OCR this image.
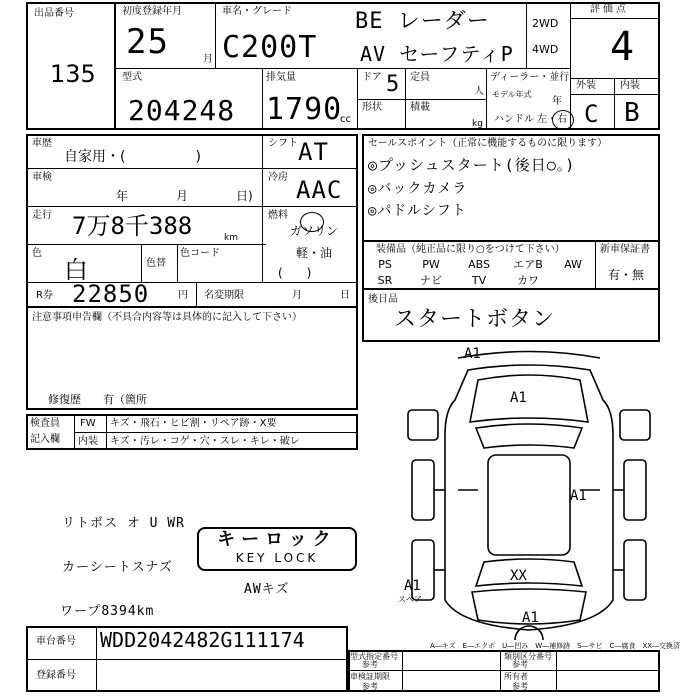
出品番号
135
初度登録年月
25	月
車名・グレード
C200T
BE レーダー
AV セーフティP
2WD
4WD
評価点
4
型式
204248
排気量
1790
cc
ドア 5 定員
人
形状	積載
kg
ディーラー・並行
モデル年式
年
ハンドル 左・右
外装 内装
C B
車歴
自家用・(　　　　　)
シフト AT
車検
年	月	日)
冷房 AAC
走行 7万8千388	km
燃料
ガソリン
軽・油
(　　)
色
白	色替
色コード
R券 22850	円 名変期限	月	日
注意事項申告欄（不具合内容等は具体的に記入して下さい）
修復歴　　有（箇所
セールスポイント（正常に機能するものに限ります）
◎プッシュスタート(後日○。)
◎バックカメラ
◎パドルシフト
装備品（純正品に限り○をつけて下さい）	新車保証書
有・無
PS	PW	ABS	エアB	AW
SR	ナビ	TV	カワ
後日品
スタートボタン
検査員
記入欄
FW キズ・飛石・ヒビ割・リペア跡・X要
内装 キズ・汚レ・コゲ・穴・スレ・キレ・破レ
リトボス オ U WR
カーシートスナズ
AWキズ
ワープ8394km
キーロック
KEY LOCK
A1
A1
A1
XX
A1
A1
スペア
A―キズ　E―エクボ　U―凹み　W―補修跡　S―サビ　C―腐食　XX―交換済
車台番号 WDD2042482G111174
登録番号
型式指定番号
参考
類別区分番号
参考
車検証期限
参考
所有者
参考
